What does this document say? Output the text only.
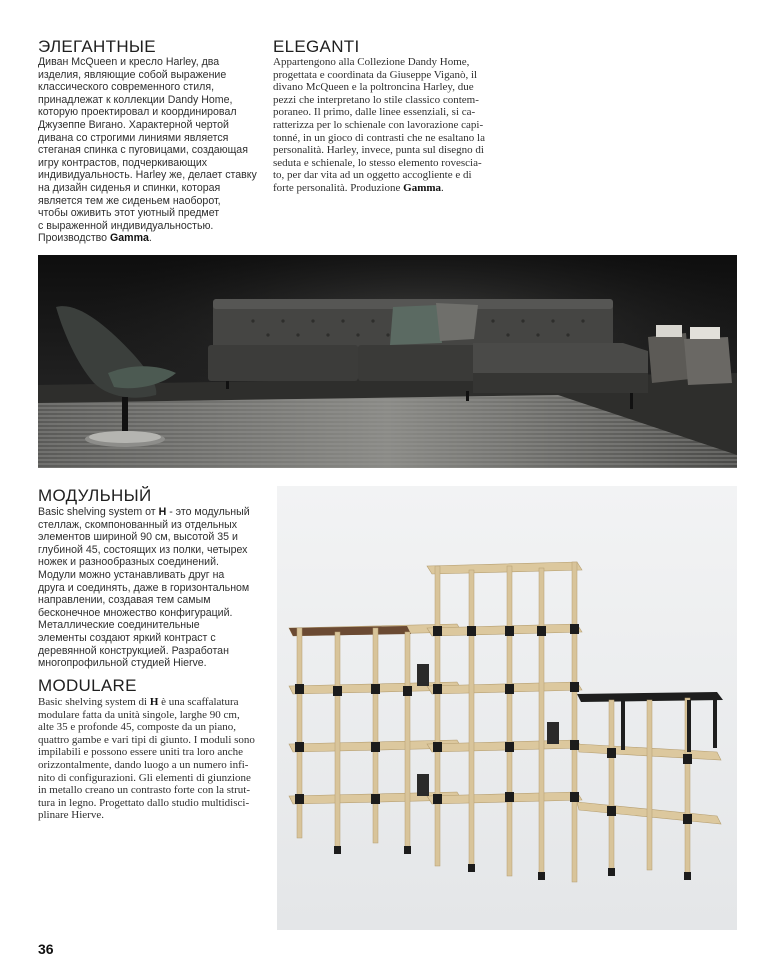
ЭЛЕГАНТНЫЕ
Диван McQueen и кресло Harley, два
изделия, являющие собой выражение
классического современного стиля,
принадлежат к коллекции Dandy Home,
которую проектировал и координировал
Джузеппе Вигано. Характерной чертой
дивана со строгими линиями является
стеганая спинка с пуговицами, создающая
игру контрастов, подчеркивающих
индивидуальность. Harley же, делает ставку
на дизайн сиденья и спинки, которая
является тем же сиденьем наоборот,
чтобы оживить этот уютный предмет
с выраженной индивидуальностью.
Производство Gamma.
ELEGANTI
Appartengono alla Collezione Dandy Home,
progettata e coordinata da Giuseppe Viganò, il
divano McQueen e la poltroncina Harley, due
pezzi che interpretano lo stile classico contem-
poraneo. Il primo, dalle linee essenziali, si ca-
ratterizza per lo schienale con lavorazione capi-
tonné, in un gioco di contrasti che ne esaltano la
personalità. Harley, invece, punta sul disegno di
seduta e schienale, lo stesso elemento rovescia-
to, per dar vita ad un oggetto accogliente e di
forte personalità. Produzione Gamma.
МОДУЛЬНЫЙ
Basic shelving system от H - это модульный
стеллаж, скомпонованный из отдельных
элементов шириной 90 см, высотой 35 и
глубиной 45, состоящих из полки, четырех
ножек и разнообразных соединений.
Модули можно устанавливать друг на
друга и соединять, даже в горизонтальном
направлении, создавая тем самым
бесконечное множество конфигураций.
Металлические соединительные
элементы создают яркий контраст с
деревянной конструкцией. Разработан
многопрофильной студией Hierve.
MODULARE
Basic shelving system di H è una scaffalatura
modulare fatta da unità singole, larghe 90 cm,
alte 35 e profonde 45, composte da un piano,
quattro gambe e vari tipi di giunto. I moduli sono
impilabili e possono essere uniti tra loro anche
orizzontalmente, dando luogo a un numero infi-
nito di configurazioni. Gli elementi di giunzione
in metallo creano un contrasto forte con la strut-
tura in legno. Progettato dallo studio multidisci-
plinare Hierve.
36
